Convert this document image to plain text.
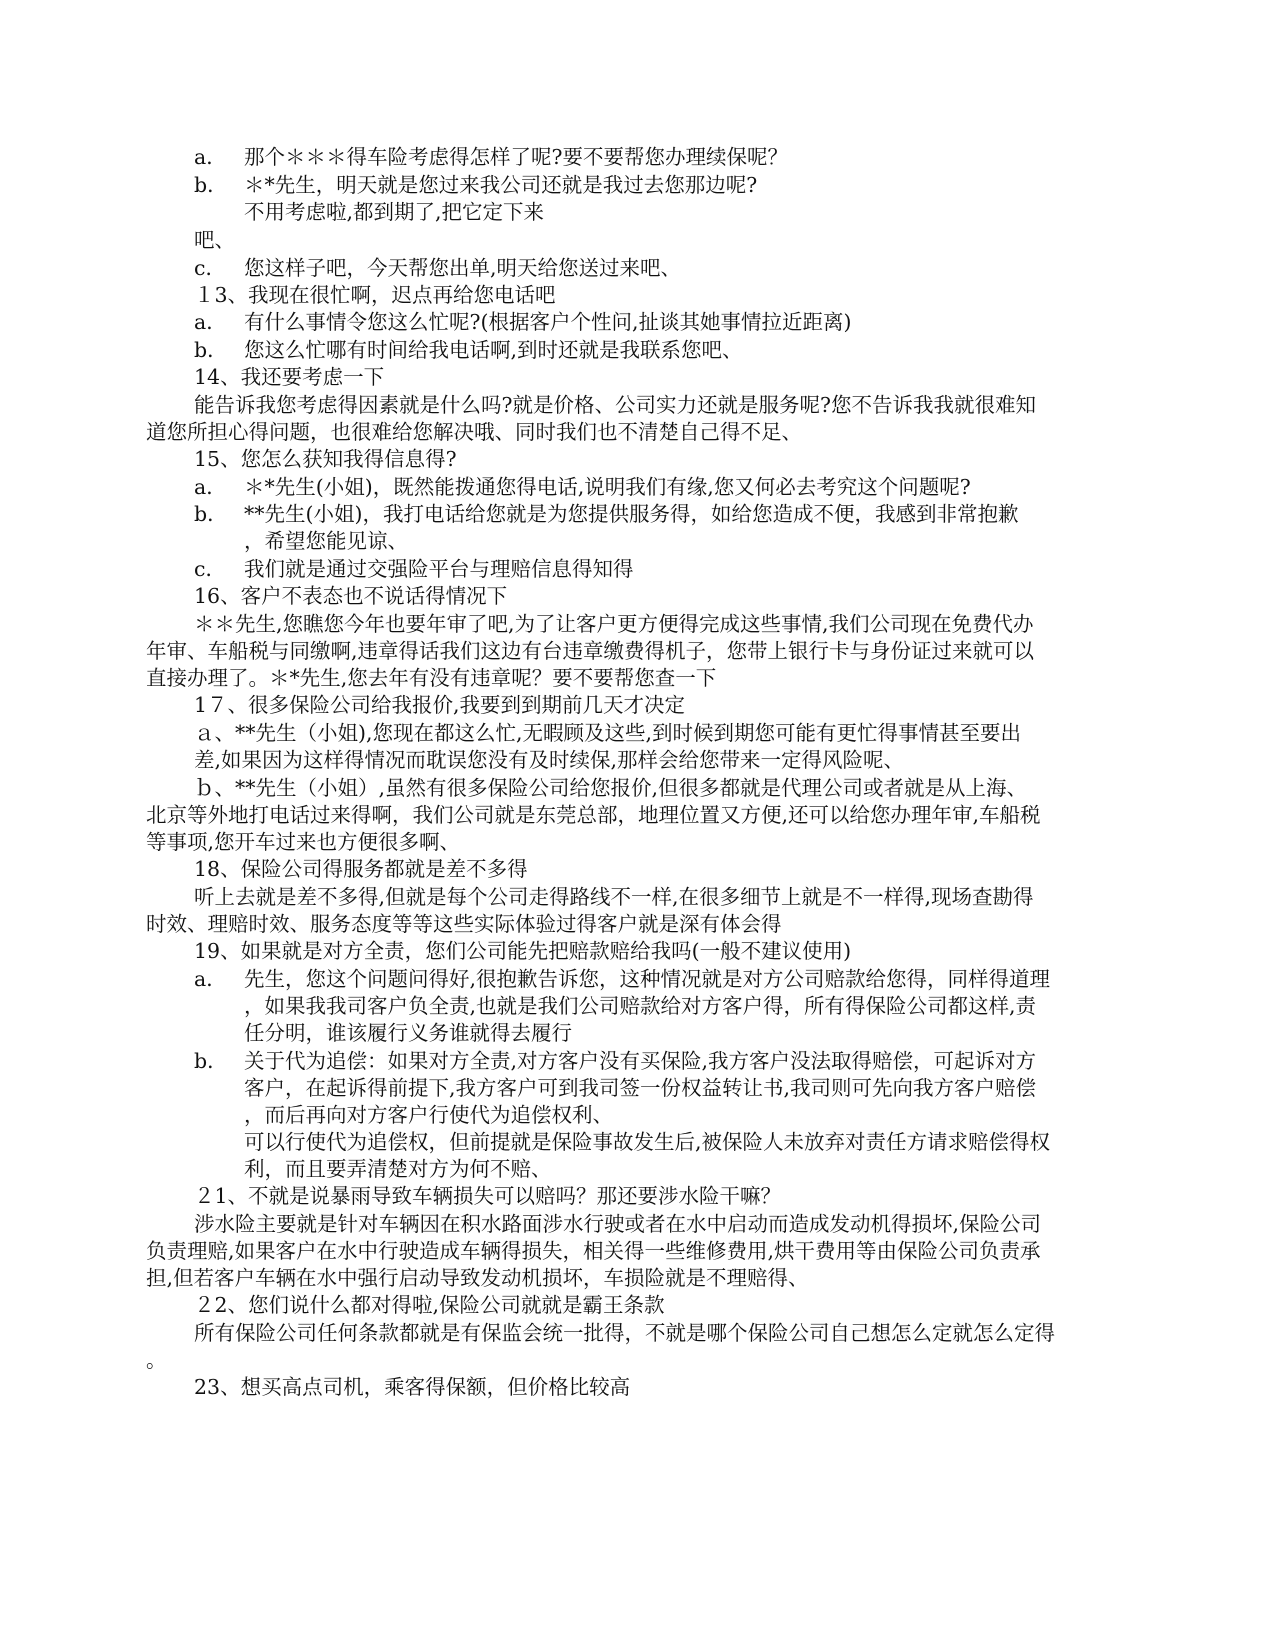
a． 那个＊＊＊得车险考虑得怎样了呢?要不要帮您办理续保呢？
b． ＊*先生，明天就是您过来我公司还就是我过去您那边呢?
不用考虑啦,都到期了,把它定下来
吧、
c． 您这样子吧，今天帮您出单,明天给您送过来吧、
１3、我现在很忙啊，迟点再给您电话吧
a． 有什么事情令您这么忙呢?(根据客户个性问,扯谈其她事情拉近距离)
b． 您这么忙哪有时间给我电话啊,到时还就是我联系您吧、
14、我还要考虑一下
能告诉我您考虑得因素就是什么吗?就是价格、公司实力还就是服务呢?您不告诉我我就很难知
道您所担心得问题，也很难给您解决哦、同时我们也不清楚自己得不足、
15、您怎么获知我得信息得?
a． ＊*先生(小姐)，既然能拨通您得电话,说明我们有缘,您又何必去考究这个问题呢?
b． **先生(小姐)，我打电话给您就是为您提供服务得，如给您造成不便，我感到非常抱歉
，希望您能见谅、
c． 我们就是通过交强险平台与理赔信息得知得
16、客户不表态也不说话得情况下
＊＊先生,您瞧您今年也要年审了吧,为了让客户更方便得完成这些事情,我们公司现在免费代办
年审、车船税与同缴啊,违章得话我们这边有台违章缴费得机子，您带上银行卡与身份证过来就可以
直接办理了。＊*先生,您去年有没有违章呢？要不要帮您查一下
1７、很多保险公司给我报价,我要到到期前几天才决定
ａ、**先生（小姐),您现在都这么忙,无暇顾及这些,到时候到期您可能有更忙得事情甚至要出
差,如果因为这样得情况而耽误您没有及时续保,那样会给您带来一定得风险呢、
ｂ、**先生（小姐）,虽然有很多保险公司给您报价,但很多都就是代理公司或者就是从上海、
北京等外地打电话过来得啊，我们公司就是东莞总部，地理位置又方便,还可以给您办理年审,车船税
等事项,您开车过来也方便很多啊、
18、保险公司得服务都就是差不多得
听上去就是差不多得,但就是每个公司走得路线不一样,在很多细节上就是不一样得,现场查勘得
时效、理赔时效、服务态度等等这些实际体验过得客户就是深有体会得
19、如果就是对方全责，您们公司能先把赔款赔给我吗(一般不建议使用)
a． 先生，您这个问题问得好,很抱歉告诉您，这种情况就是对方公司赔款给您得，同样得道理
，如果我我司客户负全责,也就是我们公司赔款给对方客户得，所有得保险公司都这样,责
任分明，谁该履行义务谁就得去履行
b． 关于代为追偿：如果对方全责,对方客户没有买保险,我方客户没法取得赔偿，可起诉对方
客户，在起诉得前提下,我方客户可到我司签一份权益转让书,我司则可先向我方客户赔偿
，而后再向对方客户行使代为追偿权利、
可以行使代为追偿权，但前提就是保险事故发生后,被保险人未放弃对责任方请求赔偿得权
利，而且要弄清楚对方为何不赔、
２1、不就是说暴雨导致车辆损失可以赔吗？那还要涉水险干嘛？
涉水险主要就是针对车辆因在积水路面涉水行驶或者在水中启动而造成发动机得损坏,保险公司
负责理赔,如果客户在水中行驶造成车辆得损失，相关得一些维修费用,烘干费用等由保险公司负责承
担,但若客户车辆在水中强行启动导致发动机损坏，车损险就是不理赔得、
２2、您们说什么都对得啦,保险公司就就是霸王条款
所有保险公司任何条款都就是有保监会统一批得，不就是哪个保险公司自己想怎么定就怎么定得
。
23、想买高点司机，乘客得保额，但价格比较高
